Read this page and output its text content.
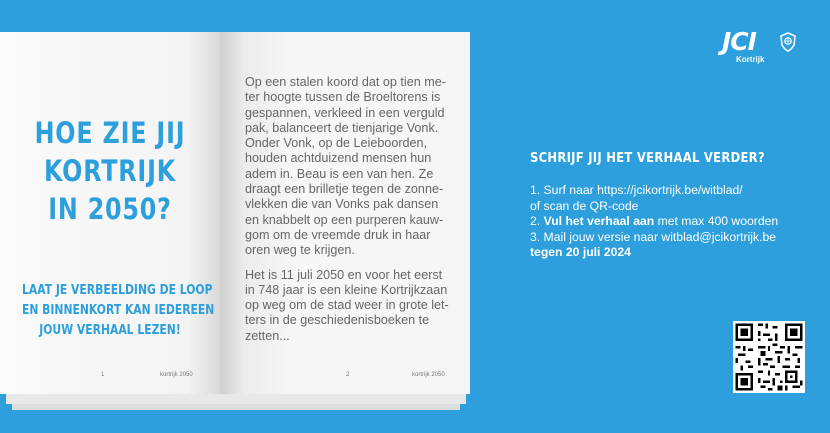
HOE ZIE JIJ
KORTRIJK
IN 2050?
LAAT JE VERBEELDING DE LOOP
EN BINNENKORT KAN IEDEREEN
JOUW VERHAAL LEZEN!
1	kortrijk 2050	2	kortrijk 2050

Op een stalen koord dat op tien me-
ter hoogte tussen de Broeltorens is
gespannen, verkleed in een verguld
pak, balanceert de tienjarige Vonk.
Onder Vonk, op de Leieboorden,
houden achtduizend mensen hun
adem in. Beau is een van hen. Ze
draagt een brilletje tegen de zonne-
vlekken die van Vonks pak dansen
en knabbelt op een purperen kauw-
gom om de vreemde druk in haar
oren weg te krijgen.

Het is 11 juli 2050 en voor het eerst
in 748 jaar is een kleine Kortrijkzaan
op weg om de stad weer in grote let-
ters in de geschiedenisboeken te
zetten...

JCI
Kortrijk
SCHRIJF JIJ HET VERHAAL VERDER?
1. Surf naar https://jcikortrijk.be/witblad/
of scan de QR-code
2. Vul het verhaal aan met max 400 woorden
3. Mail jouw versie naar witblad@jcikortrijk.be
tegen 20 juli 2024
